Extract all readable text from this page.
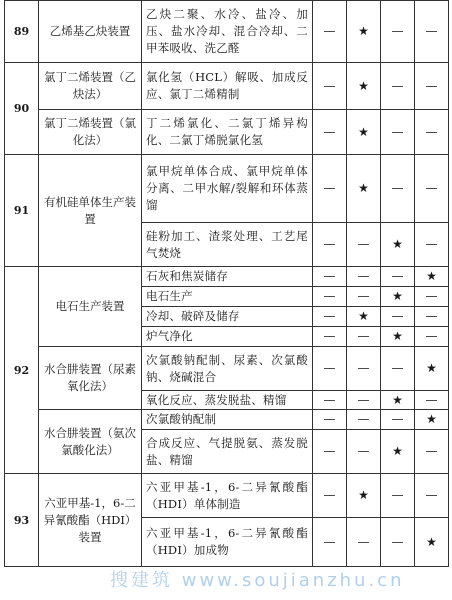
89	乙烯基乙炔装置	乙炔二聚、水冷、盐冷、加压、盐水冷却、混合冷却、二甲苯吸收、洗乙醛	—	★	—	—
90	氯丁二烯装置（乙炔法）	氯化氢（HCL）解吸、加成反应、氯丁二烯精制	—	★	—	—
	氯丁二烯装置（氯化法）	丁二烯氯化、二氯丁烯异构化、二氯丁烯脱氯化氢	—	★	—	—
91	有机硅单体生产装置	氯甲烷单体合成、氯甲烷单体分离、二甲水解/裂解和环体蒸馏	—	★	—	—
		硅粉加工、渣浆处理、工艺尾气焚烧	—	—	★	—
92	电石生产装置	石灰和焦炭储存	—	—	—	★
		电石生产	—	—	★	—
		冷却、破碎及储存	—	★	—	—
		炉气净化	—	—	★	—
	水合肼装置（尿素氧化法）	次氯酸钠配制、尿素、次氯酸钠、烧碱混合	—	—	—	★
		氧化反应、蒸发脱盐、精馏	—	—	★	—
	水合肼装置（氨次氯酸化法）	次氯酸钠配制	—	—	—	★
		合成反应、气提脱氨、蒸发脱盐、精馏	—	—	★	—
93	六亚甲基-1，6-二异氰酸酯（HDI）装置	六亚甲基-1，6-二异氰酸酯（HDI）单体制造	—	★	—	—
		六亚甲基-1，6-二异氰酸酯（HDI）加成物	—	—	—	★
搜建筑 www.soujianzhu.cn
